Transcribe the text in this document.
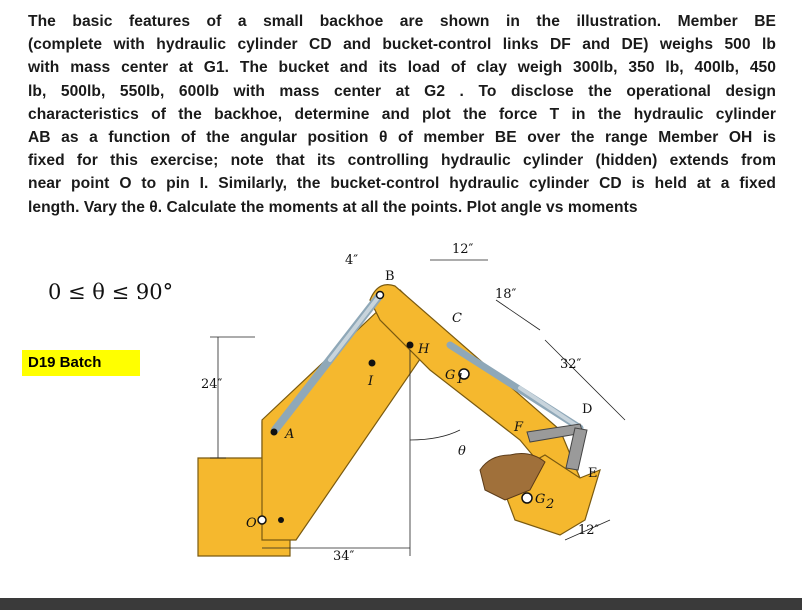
The basic features of a small backhoe are shown in the illustration. Member BE
(complete with hydraulic cylinder CD and bucket-control links DF and DE) weighs 500 lb
with mass center at G1. The bucket and its load of clay weigh 300lb, 350 lb, 400lb, 450
lb, 500lb, 550lb, 600lb with mass center at G2 . To disclose the operational design
characteristics of the backhoe, determine and plot the force T in the hydraulic cylinder
AB as a function of the angular position θ of member BE over the range Member OH is
fixed for this exercise; note that its controlling hydraulic cylinder (hidden) extends from
near point O to pin I. Similarly, the bucket-control hydraulic cylinder CD is held at a fixed
length. Vary the θ. Calculate the moments at all the points. Plot angle vs moments
0 ≤ θ ≤ 90°
D19 Batch
B
C
H
I
A
O
G 1
G 2
D
E
F
θ
4″
12″
18″
32″
24″
34″
12″
